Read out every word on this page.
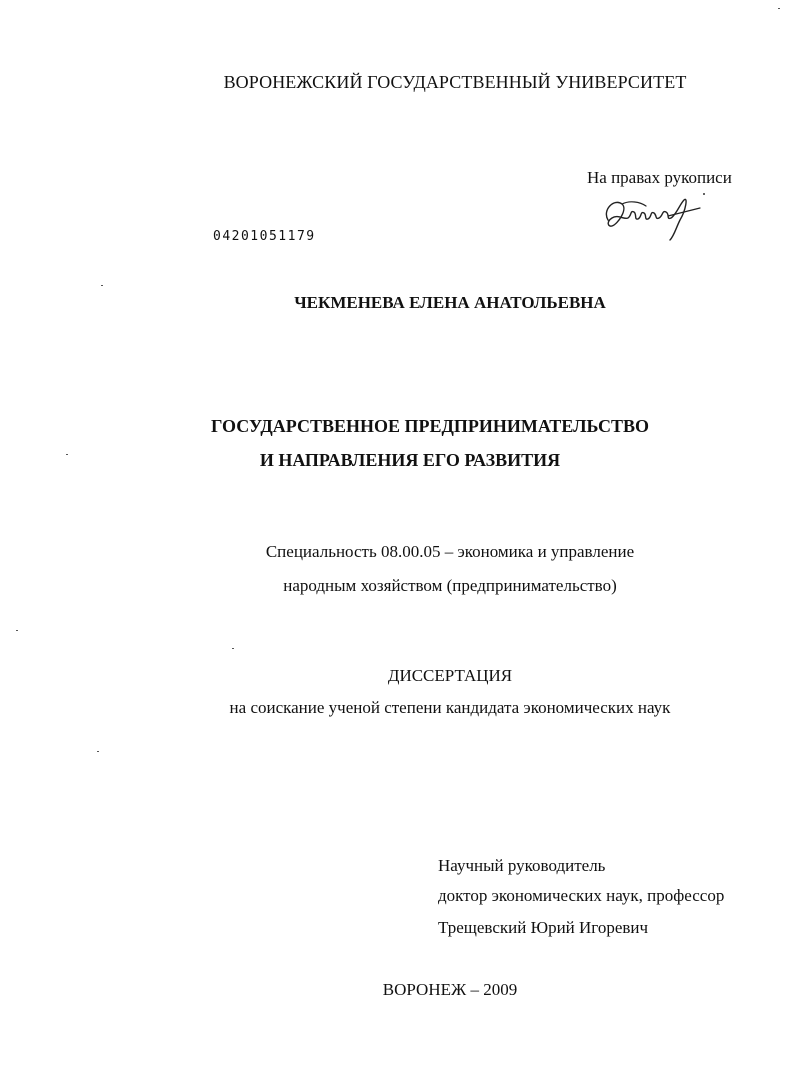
ВОРОНЕЖСКИЙ ГОСУДАРСТВЕННЫЙ УНИВЕРСИТЕТ
На правах рукописи
04201051179
ЧЕКМЕНЕВА ЕЛЕНА АНАТОЛЬЕВНА
ГОСУДАРСТВЕННОЕ ПРЕДПРИНИМАТЕЛЬСТВО
И НАПРАВЛЕНИЯ ЕГО РАЗВИТИЯ
Специальность 08.00.05 – экономика и управление
народным хозяйством (предпринимательство)
ДИССЕРТАЦИЯ
на соискание ученой степени кандидата экономических наук
Научный руководитель
доктор экономических наук, профессор
Трещевский Юрий Игоревич
ВОРОНЕЖ – 2009
